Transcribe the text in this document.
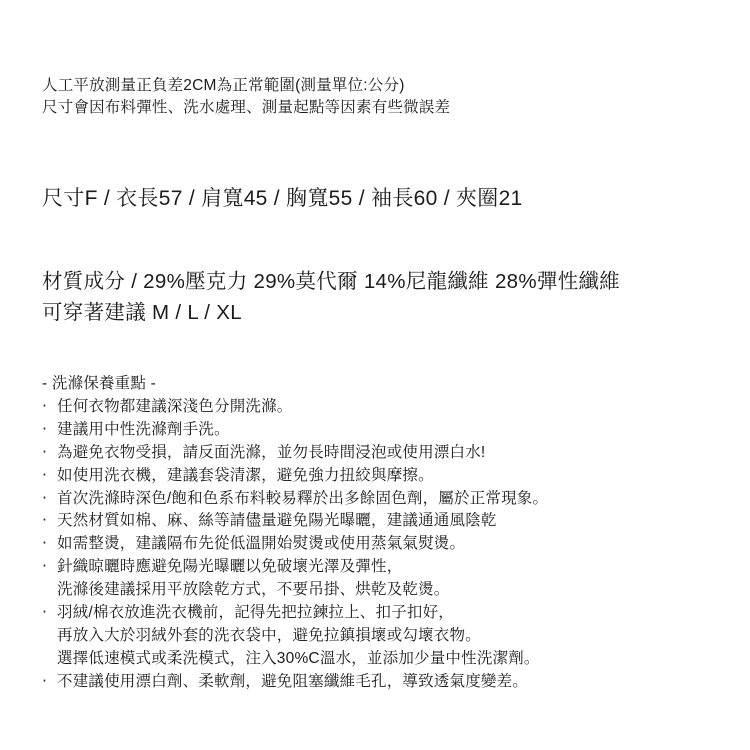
人工平放測量正負差2CM為正常範圍(測量單位:公分)
尺寸會因布料彈性、洗水處理、測量起點等因素有些微誤差
尺寸F / 衣長57 / 肩寬45 / 胸寬55 / 袖長60 / 夾圈21
材質成分 / 29%壓克力 29%莫代爾 14%尼龍纖維 28%彈性纖維
可穿著建議 M / L / XL
- 洗滌保養重點 -
‧ 任何衣物都建議深淺色分開洗滌。
‧ 建議用中性洗滌劑手洗。
‧ 為避免衣物受損，請反面洗滌，並勿長時間浸泡或使用漂白水!
‧ 如使用洗衣機，建議套袋清潔，避免強力扭絞與摩擦。
‧ 首次洗滌時深色/飽和色系布料較易釋於出多餘固色劑，屬於正常現象。
‧ 天然材質如棉、麻、絲等請儘量避免陽光曝曬，建議通通風陰乾
‧ 如需整燙，建議隔布先從低溫開始熨燙或使用蒸氣氣熨燙。
‧ 針織晾曬時應避免陽光曝曬以免破壞光澤及彈性，
洗滌後建議採用平放陰乾方式，不要吊掛、烘乾及乾燙。
‧ 羽絨/棉衣放進洗衣機前，記得先把拉鍊拉上、扣子扣好，
再放入大於羽絨外套的洗衣袋中，避免拉鎮損壞或勾壞衣物。
選擇低速模式或柔洗模式，注入30%C溫水，並添加少量中性洗潔劑。
‧ 不建議使用漂白劑、柔軟劑，避免阻塞纖維毛孔，導致透氣度變差。
